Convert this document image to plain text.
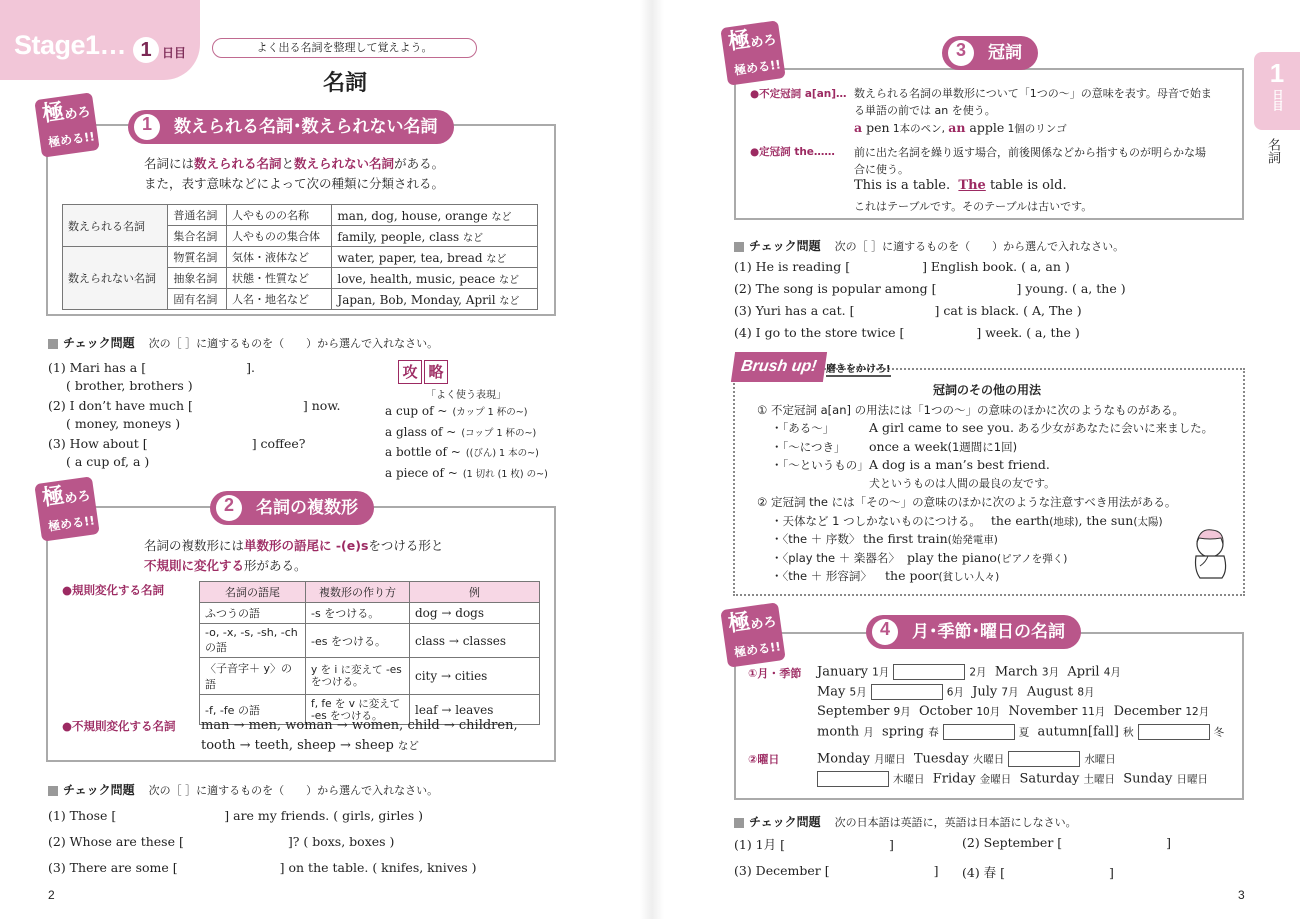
Stage1… 1 日目	よく出る名詞を整理して覚えよう。
名詞
極
めろ
極める!!
1	数えられる名詞･数えられない名詞
名詞には数えられる名詞と数えられない名詞がある。
また，表す意味などによって次の種類に分類される。
数えられる名詞	普通名詞	人やものの名称	man, dog, house, orange など
	集合名詞	人やものの集合体	family, people, class など
数えられない名詞	物質名詞	気体・液体など	water, paper, tea, bread など
	抽象名詞	状態・性質など	love, health, music, peace など
	固有名詞	人名・地名など	Japan, Bob, Monday, April など
チェック問題 次の［ ］に適するものを（　　）から選んで入れなさい。
(1) Mari has a [	].
( brother, brothers )
(2) I don’t have much [	] now.
( money, moneys )
(3) How about [	] coffee?
( a cup of, a )
攻 略
「よく使う表現」
a cup of ~ (カップ 1 杯の~)
a glass of ~ (コップ 1 杯の~)
a bottle of ~ ((びん) 1 本の~)
a piece of ~ (1 切れ (1 枚) の~)
極
めろ
極める!!
2	名詞の複数形
名詞の複数形には単数形の語尾に -(e)sをつける形と
不規則に変化する形がある。
●規則変化する名詞	名詞の語尾	複数形の作り方	例
ふつうの語	-s をつける。	dog → dogs
-o, -x, -s, -sh, -ch の語	-es をつける。	class → classes
〈子音字＋ y〉の語	y を i に変えて -es をつける。	city → cities
-f, -fe の語	f, fe を v に変えて -es をつける。	leaf → leaves
●不規則変化する名詞 man → men, woman → women, child → children,
tooth → teeth, sheep → sheep など
チェック問題 次の［ ］に適するものを（　　）から選んで入れなさい。
(1) Those [	] are my friends. ( girls, girles )
(2) Whose are these [	]? ( boxs, boxes )
(3) There are some [	] on the table. ( knifes, knives )
2
1
日目
名詞
極
めろ
極める!!
3	冠詞
●不定冠詞 a[an]… 数えられる名詞の単数形について「1つの～」の意味を表す。母音で始ま
る単語の前では an を使う。
a pen 1本のペン, an apple 1個のリンゴ
●定冠詞 the…… 前に出た名詞を繰り返す場合，前後関係などから指すものが明らかな場
合に使う。
This is a table. The table is old.
これはテーブルです。そのテーブルは古いです。
チェック問題 次の［ ］に適するものを（　　）から選んで入れなさい。
(1) He is reading [	] English book. ( a, an )
(2) The song is popular among [	] young. ( a, the )
(3) Yuri has a cat. [	] cat is black. ( A, The )
(4) I go to the store twice [	] week. ( a, the )
Brush up! 磨きをかけろ!
冠詞のその他の用法
① 不定冠詞 a[an] の用法には「1つの～」の意味のほかに次のようなものがある。
・「ある～」	A girl came to see you. ある少女があなたに会いに来ました。
・「～につき」 once a week(1週間に1回)
・「～というもの」A dog is a man’s best friend.
犬というものは人間の最良の友です。
② 定冠詞 the には「その～」の意味のほかに次のような注意すべき用法がある。
・天体など 1 つしかないものにつける。 the earth(地球), the sun(太陽)
・〈the ＋ 序数〉 the first train(始発電車)
・〈play the ＋ 楽器名〉 play the piano(ピアノを弾く)
・〈the ＋ 形容詞〉 the poor(貧しい人々)
極
めろ
極める!!
4	月･季節･曜日の名詞
①月・季節 January 1月	2月 March 3月 April 4月
May 5月	6月 July 7月 August 8月
September 9月 October 10月 November 11月 December 12月
month 月 spring 春	夏 autumn[fall] 秋	冬
②曜日	Monday 月曜日 Tuesday 火曜日	水曜日
木曜日 Friday 金曜日 Saturday 土曜日 Sunday 日曜日
チェック問題 次の日本語は英語に，英語は日本語にしなさい。
(1) 1月 [	]	(2) September [	]
(3) December [	] (4) 春 [	]
3
